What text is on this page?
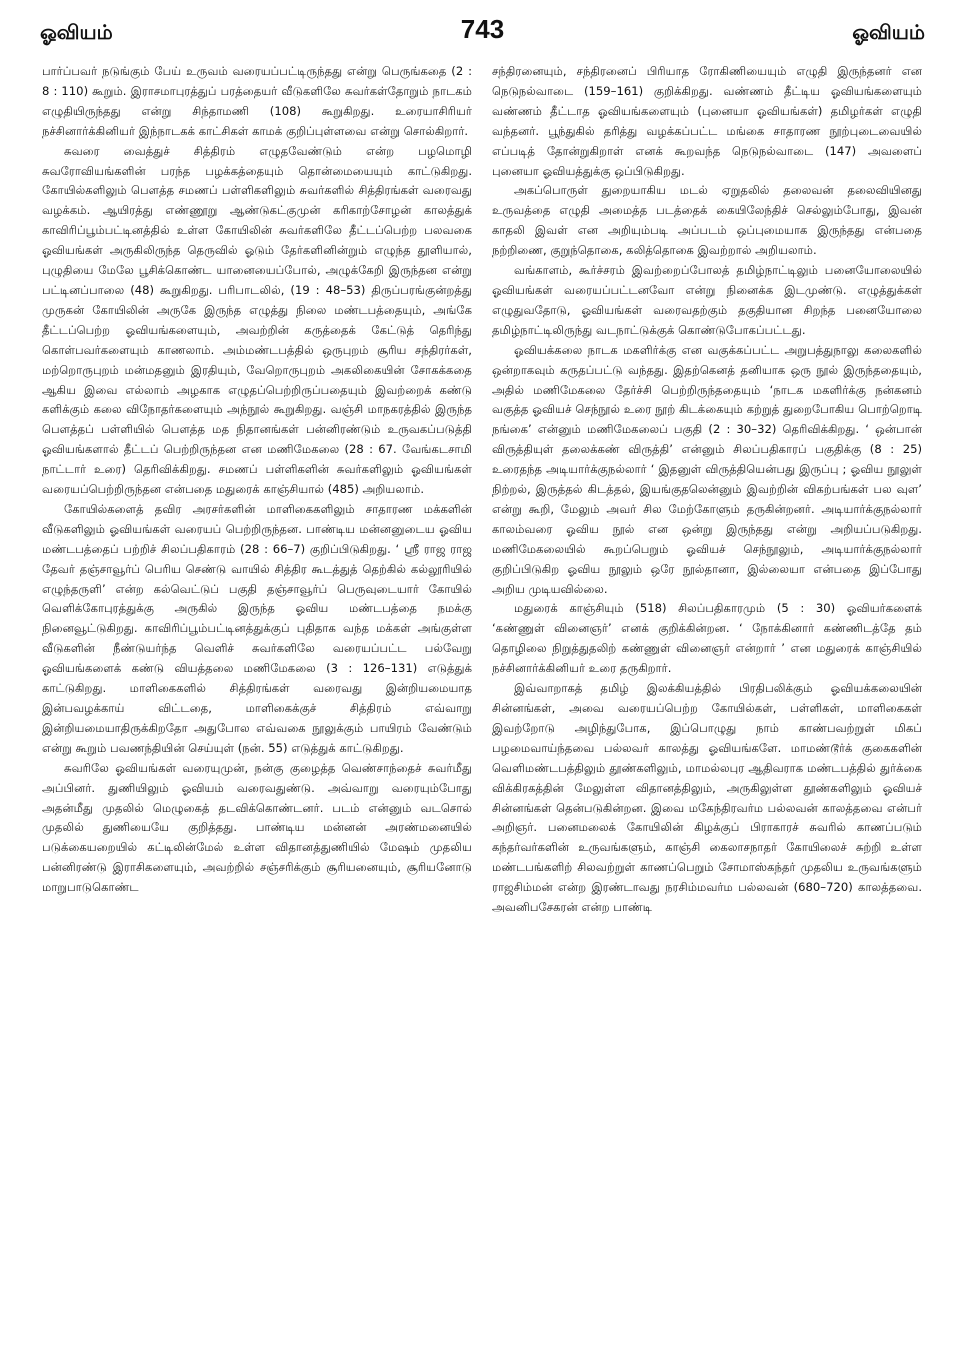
ஓவியம்	743	ஓவியம்

பார்ப்பவர் நடுங்கும் பேய் உருவம் வரையப்பட்டிருந்தது என்று பெருங்கதை (2 : 8 : 110) கூறும். இராசமாபுரத்துப் பரத்தையர் வீடுகளிலே சுவர்கள்தோறும் நாடகம் எழுதியிருந்தது என்று சிந்தாமணி (108) கூறுகிறது. உரையாசிரியர் நச்சினார்க்கினியர் இந்நாடகக் காட்சிகள் காமக் குறிப்புள்ளவை என்று சொல்கிறார்.

சுவரை வைத்துச் சித்திரம் எழுதவேண்டும் என்ற பழமொழி சுவரோவியங்களின் பரந்த பழக்கத்தையும் தொன்மையையும் காட்டுகிறது. கோயில்களிலும் பௌத்த சமணப் பள்ளிகளிலும் சுவர்களில் சித்திரங்கள் வரைவது வழக்கம். ஆயிரத்து எண்ணூறு ஆண்டுகட்குமுன் கரிகாற்சோழன் காலத்துக் காவிரிப்பூம்பட்டினத்தில் உள்ள கோயிலின் சுவர்களிலே தீட்டப்பெற்ற பலவகை ஓவியங்கள் அருகிலிருந்த தெருவில் ஓடும் தேர்களினின்றும் எழுந்த தூளியால், புழுதியை மேலே பூசிக்கொண்ட யானையைப்போல், அழுக்கேறி இருந்தன என்று பட்டினப்பாலை (48) கூறுகிறது. பரிபாடலில், (19 : 48–53) திருப்பரங்குன்றத்து முருகன் கோயிலின் அருகே இருந்த எழுத்து நிலை மண்டபத்தையும், அங்கே தீட்டப்பெற்ற ஓவியங்களையும், அவற்றின் கருத்தைக் கேட்டுத் தெரிந்து கொள்பவர்களையும் காணலாம். அம்மண்டபத்தில் ஒருபுறம் சூரிய சந்திரர்கள், மற்றொருபுறம் மன்மதனும் இரதியும், வேறொருபுறம் அகலிகையின் சோகக்கதை ஆகிய இவை எல்லாம் அழகாக எழுதப்பெற்றிருப்பதையும் இவற்றைக் கண்டு களிக்கும் கலை விநோதர்களையும் அந்நூல் கூறுகிறது. வஞ்சி மாநகரத்தில் இருந்த பௌத்தப் பள்ளியில் பௌத்த மத நிதானங்கள் பன்னிரண்டும் உருவகப்படுத்தி ஓவியங்களால் தீட்டப் பெற்றிருந்தன என மணிமேகலை (28 : 67. வேங்கடசாமி நாட்டார் உரை) தெரிவிக்கிறது. சமணப் பள்ளிகளின் சுவர்களிலும் ஓவியங்கள் வரையப்பெற்றிருந்தன என்பதை மதுரைக் காஞ்சியால் (485) அறியலாம்.

கோயில்களைத் தவிர அரசர்களின் மாளிகைகளிலும் சாதாரண மக்களின் வீடுகளிலும் ஓவியங்கள் வரையப் பெற்றிருந்தன. பாண்டிய மன்னனுடைய ஓவிய மண்டபத்தைப் பற்றிச் சிலப்பதிகாரம் (28 : 66–7) குறிப்பிடுகிறது. ‘ ஸ்ரீ ராஜ ராஜ தேவர் தஞ்சாவூர்ப் பெரிய செண்டு வாயில் சித்திர கூடத்துத் தெற்கில் கல்லூரியில் எழுந்தருளி’ என்ற கல்வெட்டுப் பகுதி தஞ்சாவூர்ப் பெருவுடையார் கோயில் வெளிக்கோபுரத்துக்கு அருகில் இருந்த ஓவிய மண்டபத்தை நமக்கு நினைவூட்டுகிறது. காவிரிப்பூம்பட்டினத்துக்குப் புதிதாக வந்த மக்கள் அங்குள்ள வீடுகளின் நீண்டுயர்ந்த வெளிச் சுவர்களிலே வரையப்பட்ட பல்வேறு ஓவியங்களைக் கண்டு வியத்தலை மணிமேகலை (3 : 126–131) எடுத்துக் காட்டுகிறது. மாளிகைகளில் சித்திரங்கள் வரைவது இன்றியமையாத இன்பவழக்காய் விட்டதை, மாளிகைக்குச் சித்திரம் எவ்வாறு இன்றியமையாதிருக்கிறதோ அதுபோல எவ்வகை நூலுக்கும் பாயிரம் வேண்டும் என்று கூறும் பவணந்தியின் செய்யுள் (நன். 55) எடுத்துக் காட்டுகிறது.

சுவரிலே ஓவியங்கள் வரையுமுன், நன்கு குழைத்த வெண்சாந்தைச் சுவர்மீது அப்பினர். துணியிலும் ஓவியம் வரைவதுண்டு. அவ்வாறு வரையும்போது அதன்மீது முதலில் மெழுகைத் தடவிக்கொண்டனர். படம் என்னும் வடசொல் முதலில் துணியையே குறித்தது. பாண்டிய மன்னன் அரண்மனையில் படுக்கையறையில் கட்டிலின்மேல் உள்ள விதானத்துணியில் மேஷம் முதலிய பன்னிரண்டு இராசிகளையும், அவற்றில் சஞ்சரிக்கும் சூரியனையும், சூரியனோடு மாறுபாடுகொண்ட

சந்திரனையும், சந்திரனைப் பிரியாத ரோகிணியையும் எழுதி இருந்தனர் என நெடுநல்வாடை (159–161) குறிக்கிறது. வண்ணம் தீட்டிய ஓவியங்களையும் வண்ணம் தீட்டாத ஓவியங்களையும் (புனையா ஓவியங்கள்) தமிழர்கள் எழுதி வந்தனர். பூந்துகில் தரித்து வழக்கப்பட்ட மங்கை சாதாரண நூற்புடைவையில் எப்படித் தோன்றுகிறாள் எனக் கூறவந்த நெடுநல்வாடை (147) அவளைப் புனையா ஓவியத்துக்கு ஒப்பிடுகிறது.

அகப்பொருள் துறையாகிய மடல் ஏறுதலில் தலைவன் தலைவியினது உருவத்தை எழுதி அமைத்த படத்தைக் கையிலேந்திச் செல்லும்போது, இவன் காதலி இவள் என அறியும்படி அப்படம் ஒப்புமையாக இருந்தது என்பதை நற்றிணை, குறுந்தொகை, கலித்தொகை இவற்றால் அறியலாம்.

வங்காளம், கூர்ச்சரம் இவற்றைப்போலத் தமிழ்நாட்டிலும் பனையோலையில் ஓவியங்கள் வரையப்பட்டனவோ என்று நினைக்க இடமுண்டு. எழுத்துக்கள் எழுதுவதோடு, ஓவியங்கள் வரைவதற்கும் தகுதியான சிறந்த பனையோலை தமிழ்நாட்டிலிருந்து வடநாட்டுக்குக் கொண்டுபோகப்பட்டது.

ஓவியக்கலை நாடக மகளிர்க்கு என வகுக்கப்பட்ட அறுபத்துநாலு கலைகளில் ஒன்றாகவும் கருதப்பட்டு வந்தது. இதற்கெனத் தனியாக ஒரு நூல் இருந்ததையும், அதில் மணிமேகலை தேர்ச்சி பெற்றிருந்ததையும் ‘நாடக மகளிர்க்கு நன்கனம் வகுத்த ஓவியச் செந்நூல் உரை நூற் கிடக்கையும் கற்றுத் துறைபோகிய பொற்றொடி நங்கை’ என்னும் மணிமேகலைப் பகுதி (2 : 30–32) தெரிவிக்கிறது. ‘ ஒன்பான் விருத்தியுள் தலைக்கண் விருத்தி’ என்னும் சிலப்பதிகாரப் பகுதிக்கு (8 : 25) உரைதந்த அடியார்க்குநல்லார் ‘ இதனுள் விருத்தியென்பது இருப்பு ; ஓவிய நூலுள் நிற்றல், இருத்தல் கிடத்தல், இயங்குதலென்னும் இவற்றின் விகற்பங்கள் பல வுள’ என்று கூறி, மேலும் அவர் சில மேற்கோளும் தருகின்றனர். அடியார்க்குநல்லார் காலம்வரை ஓவிய நூல் என ஒன்று இருந்தது என்று அறியப்படுகிறது. மணிமேகலையில் கூறப்பெறும் ஓவியச் செந்நூலும், அடியார்க்குநல்லார் குறிப்பிடுகிற ஓவிய நூலும் ஒரே நூல்தானா, இல்லையா என்பதை இப்போது அறிய முடியவில்லை.

மதுரைக் காஞ்சியும் (518) சிலப்பதிகாரமும் (5 : 30) ஓவியர்களைக் ‘கண்ணுள் வினைஞர்’ எனக் குறிக்கின்றன. ‘ நோக்கினார் கண்ணிடத்தே தம் தொழிலை நிறுத்துதலிற் கண்ணுள் வினைஞர் என்றார் ’ என மதுரைக் காஞ்சியில் நச்சினார்க்கினியர் உரை தருகிறார்.

இவ்வாறாகத் தமிழ் இலக்கியத்தில் பிரதிபலிக்கும் ஓவியக்கலையின் சின்னங்கள், அவை வரையப்பெற்ற கோயில்கள், பள்ளிகள், மாளிகைகள் இவற்றோடு அழிந்துபோக, இப்பொழுது நாம் காண்பவற்றுள் மிகப் பழமைவாய்ந்தவை பல்லவர் காலத்து ஓவியங்களே. மாமண்டூர்க் குகைகளின் வெளிமண்டபத்திலும் தூண்களிலும், மாமல்லபுர ஆதிவராக மண்டபத்தில் துர்க்கை விக்கிரகத்தின் மேலுள்ள விதானத்திலும், அருகிலுள்ள தூண்களிலும் ஓவியச் சின்னங்கள் தென்படுகின்றன. இவை மகேந்திரவர்ம பல்லவன் காலத்தவை என்பர் அறிஞர். பனைமலைக் கோயிலின் கிழக்குப் பிராகாரச் சுவரில் காணப்படும் கந்தர்வர்களின் உருவங்களும், காஞ்சி கைலாசநாதர் கோயிலைச் சுற்றி உள்ள மண்டபங்களிற் சிலவற்றுள் காணப்பெறும் சோமாஸ்கந்தர் முதலிய உருவங்களும் ராஜசிம்மன் என்ற இரண்டாவது நரசிம்மவர்ம பல்லவன் (680–720) காலத்தவை. அவனிபசேகரன் என்ற பாண்டி
